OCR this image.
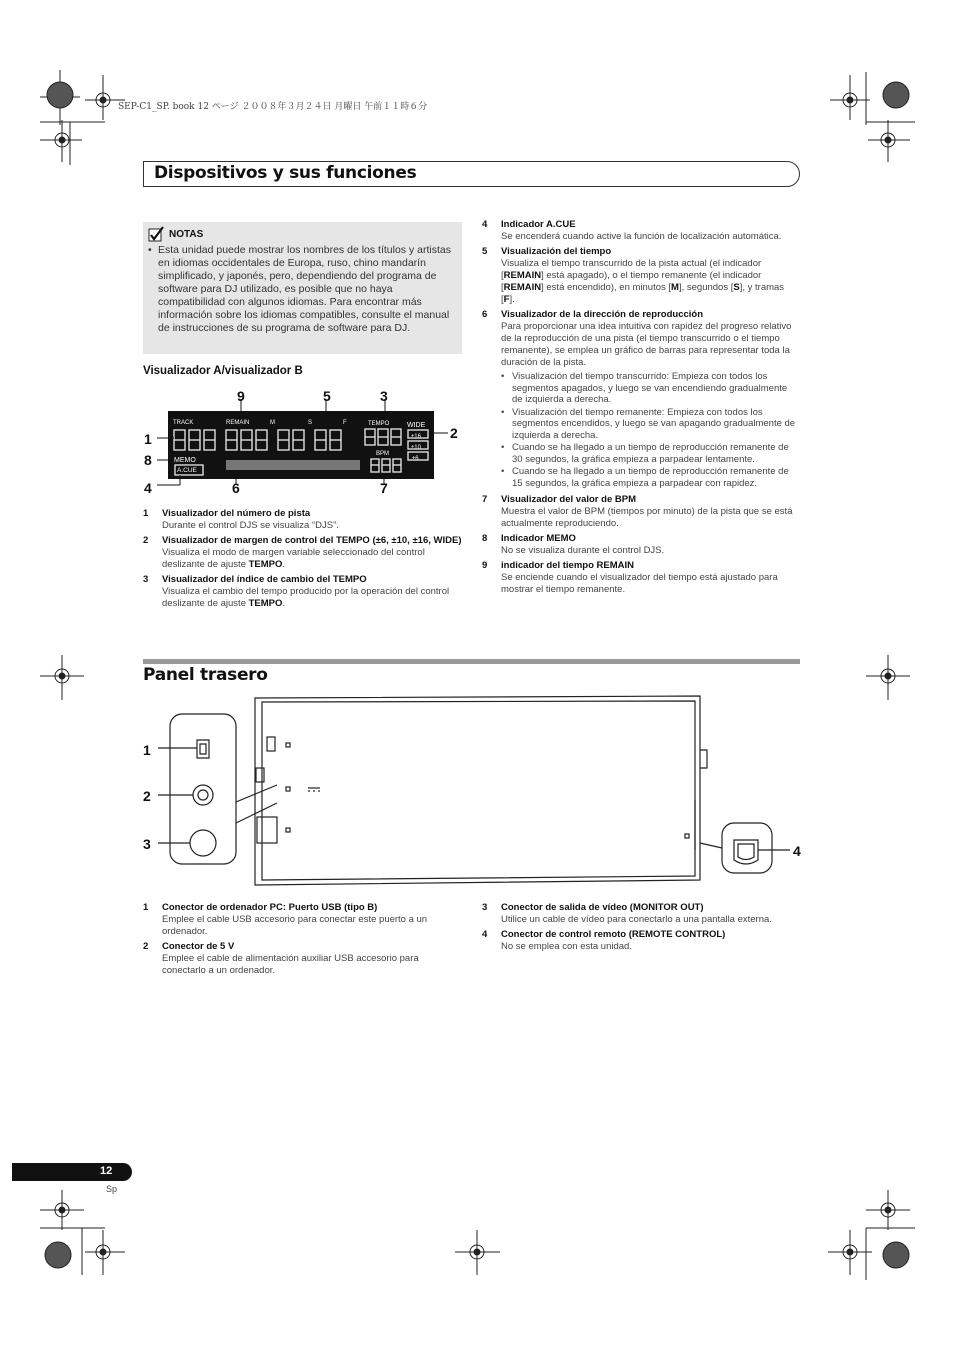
SEP-C1_SP. book 12 ページ ２００８年３月２４日 月曜日 午前１１時６分
Dispositivos y sus funciones
NOTAS
• Esta unidad puede mostrar los nombres de los títulos y artistas en idiomas occidentales de Europa, ruso, chino mandarín simplificado, y japonés, pero, dependiendo del programa de software para DJ utilizado, es posible que no haya compatibilidad con algunos idiomas. Para encontrar más información sobre los idiomas compatibles, consulte el manual de instrucciones de su programa de software para DJ.
Visualizador A/visualizador B
TRACK	REMAIN	M	S	F	TEMPO
BPM
MEMO
A.CUE
WIDE
±16
±10
±6
9	5	3
1
8
4	6	7
2
1 Visualizador del número de pista
Durante el control DJS se visualiza “DJS”.
2 Visualizador de margen de control del TEMPO (±6, ±10, ±16, WIDE)
Visualiza el modo de margen variable seleccionado del control deslizante de ajuste TEMPO.
3 Visualizador del índice de cambio del TEMPO
Visualiza el cambio del tempo producido por la operación del control deslizante de ajuste TEMPO.
4 Indicador A.CUE
Se encenderá cuando active la función de localización automática.
5 Visualización del tiempo
Visualiza el tiempo transcurrido de la pista actual (el indicador [REMAIN] está apagado), o el tiempo remanente (el indicador [REMAIN] está encendido), en minutos [M], segundos [S], y tramas [F].
6 Visualizador de la dirección de reproducción
Para proporcionar una idea intuitiva con rapidez del progreso relativo de la reproducción de una pista (el tiempo transcurrido o el tiempo remanente), se emplea un gráfico de barras para representar toda la duración de la pista.
• Visualización del tiempo transcurrido: Empieza con todos los segmentos apagados, y luego se van encendiendo gradualmente de izquierda a derecha.
• Visualización del tiempo remanente: Empieza con todos los segmentos encendidos, y luego se van apagando gradualmente de izquierda a derecha.
• Cuando se ha llegado a un tiempo de reproducción remanente de 30 segundos, la gráfica empieza a parpadear lentamente.
• Cuando se ha llegado a un tiempo de reproducción remanente de 15 segundos, la gráfica empieza a parpadear con rapidez.
7 Visualizador del valor de BPM
Muestra el valor de BPM (tiempos por minuto) de la pista que se está actualmente reproduciendo.
8 Indicador MEMO
No se visualiza durante el control DJS.
9 indicador del tiempo REMAIN
Se enciende cuando el visualizador del tiempo está ajustado para mostrar el tiempo remanente.
Panel trasero
1
2
3	4
1 Conector de ordenador PC: Puerto USB (tipo B)
Emplee el cable USB accesorio para conectar este puerto a un ordenador.
2 Conector de 5 V
Emplee el cable de alimentación auxiliar USB accesorio para conectarlo a un ordenador.
3 Conector de salida de vídeo (MONITOR OUT)
Utilice un cable de vídeo para conectarlo a una pantalla externa.
4 Conector de control remoto (REMOTE CONTROL)
No se emplea con esta unidad.
12
Sp
